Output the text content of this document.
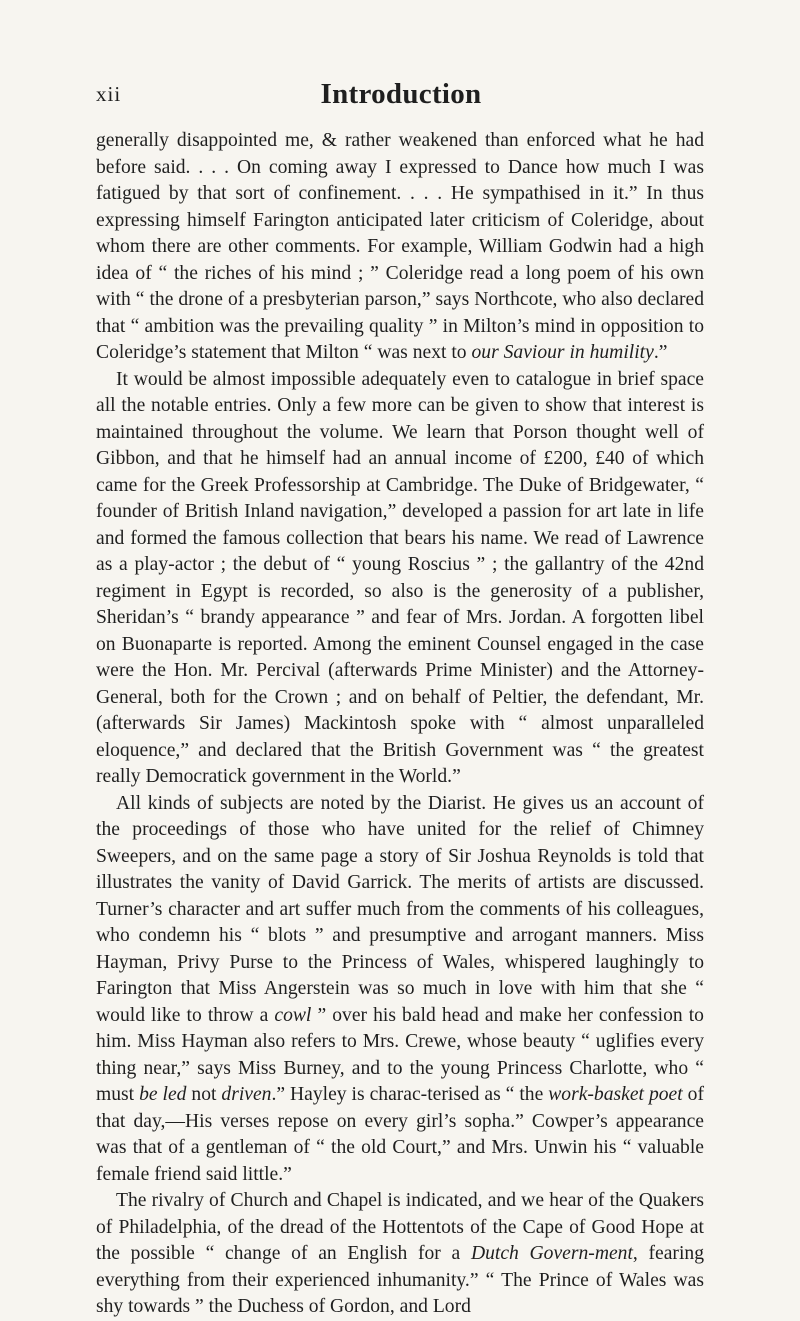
xii	Introduction

generally disappointed me, & rather weakened than enforced what he had before said. . . . On coming away I expressed to Dance how much I was fatigued by that sort of confinement. . . . He sympathised in it.” In thus expressing himself Farington anticipated later criticism of Coleridge, about whom there are other comments. For example, William Godwin had a high idea of “ the riches of his mind ; ” Coleridge read a long poem of his own with “ the drone of a presbyterian parson,” says Northcote, who also declared that “ ambition was the prevailing quality ” in Milton’s mind in opposition to Coleridge’s statement that Milton “ was next to our Saviour in humility.”

It would be almost impossible adequately even to catalogue in brief space all the notable entries. Only a few more can be given to show that interest is maintained throughout the volume. We learn that Porson thought well of Gibbon, and that he himself had an annual income of £200, £40 of which came for the Greek Professorship at Cambridge. The Duke of Bridgewater, “ founder of British Inland navigation,” developed a passion for art late in life and formed the famous collection that bears his name. We read of Lawrence as a play-actor ; the debut of “ young Roscius ” ; the gallantry of the 42nd regiment in Egypt is recorded, so also is the generosity of a publisher, Sheridan’s “ brandy appearance ” and fear of Mrs. Jordan. A forgotten libel on Buonaparte is reported. Among the eminent Counsel engaged in the case were the Hon. Mr. Percival (afterwards Prime Minister) and the Attorney-General, both for the Crown ; and on behalf of Peltier, the defendant, Mr. (afterwards Sir James) Mackintosh spoke with “ almost unparalleled eloquence,” and declared that the British Government was “ the greatest really Democratick government in the World.”

All kinds of subjects are noted by the Diarist. He gives us an account of the proceedings of those who have united for the relief of Chimney Sweepers, and on the same page a story of Sir Joshua Reynolds is told that illustrates the vanity of David Garrick. The merits of artists are discussed. Turner’s character and art suffer much from the comments of his colleagues, who condemn his “ blots ” and presumptive and arrogant manners. Miss Hayman, Privy Purse to the Princess of Wales, whispered laughingly to Farington that Miss Angerstein was so much in love with him that she “ would like to throw a cowl ” over his bald head and make her confession to him. Miss Hayman also refers to Mrs. Crewe, whose beauty “ uglifies every thing near,” says Miss Burney, and to the young Princess Charlotte, who “ must be led not driven.” Hayley is charac-terised as “ the work-basket poet of that day,—His verses repose on every girl’s sopha.” Cowper’s appearance was that of a gentleman of “ the old Court,” and Mrs. Unwin his “ valuable female friend said little.”

The rivalry of Church and Chapel is indicated, and we hear of the Quakers of Philadelphia, of the dread of the Hottentots of the Cape of Good Hope at the possible “ change of an English for a Dutch Govern-ment, fearing everything from their experienced inhumanity.” “ The Prince of Wales was shy towards ” the Duchess of Gordon, and Lord
